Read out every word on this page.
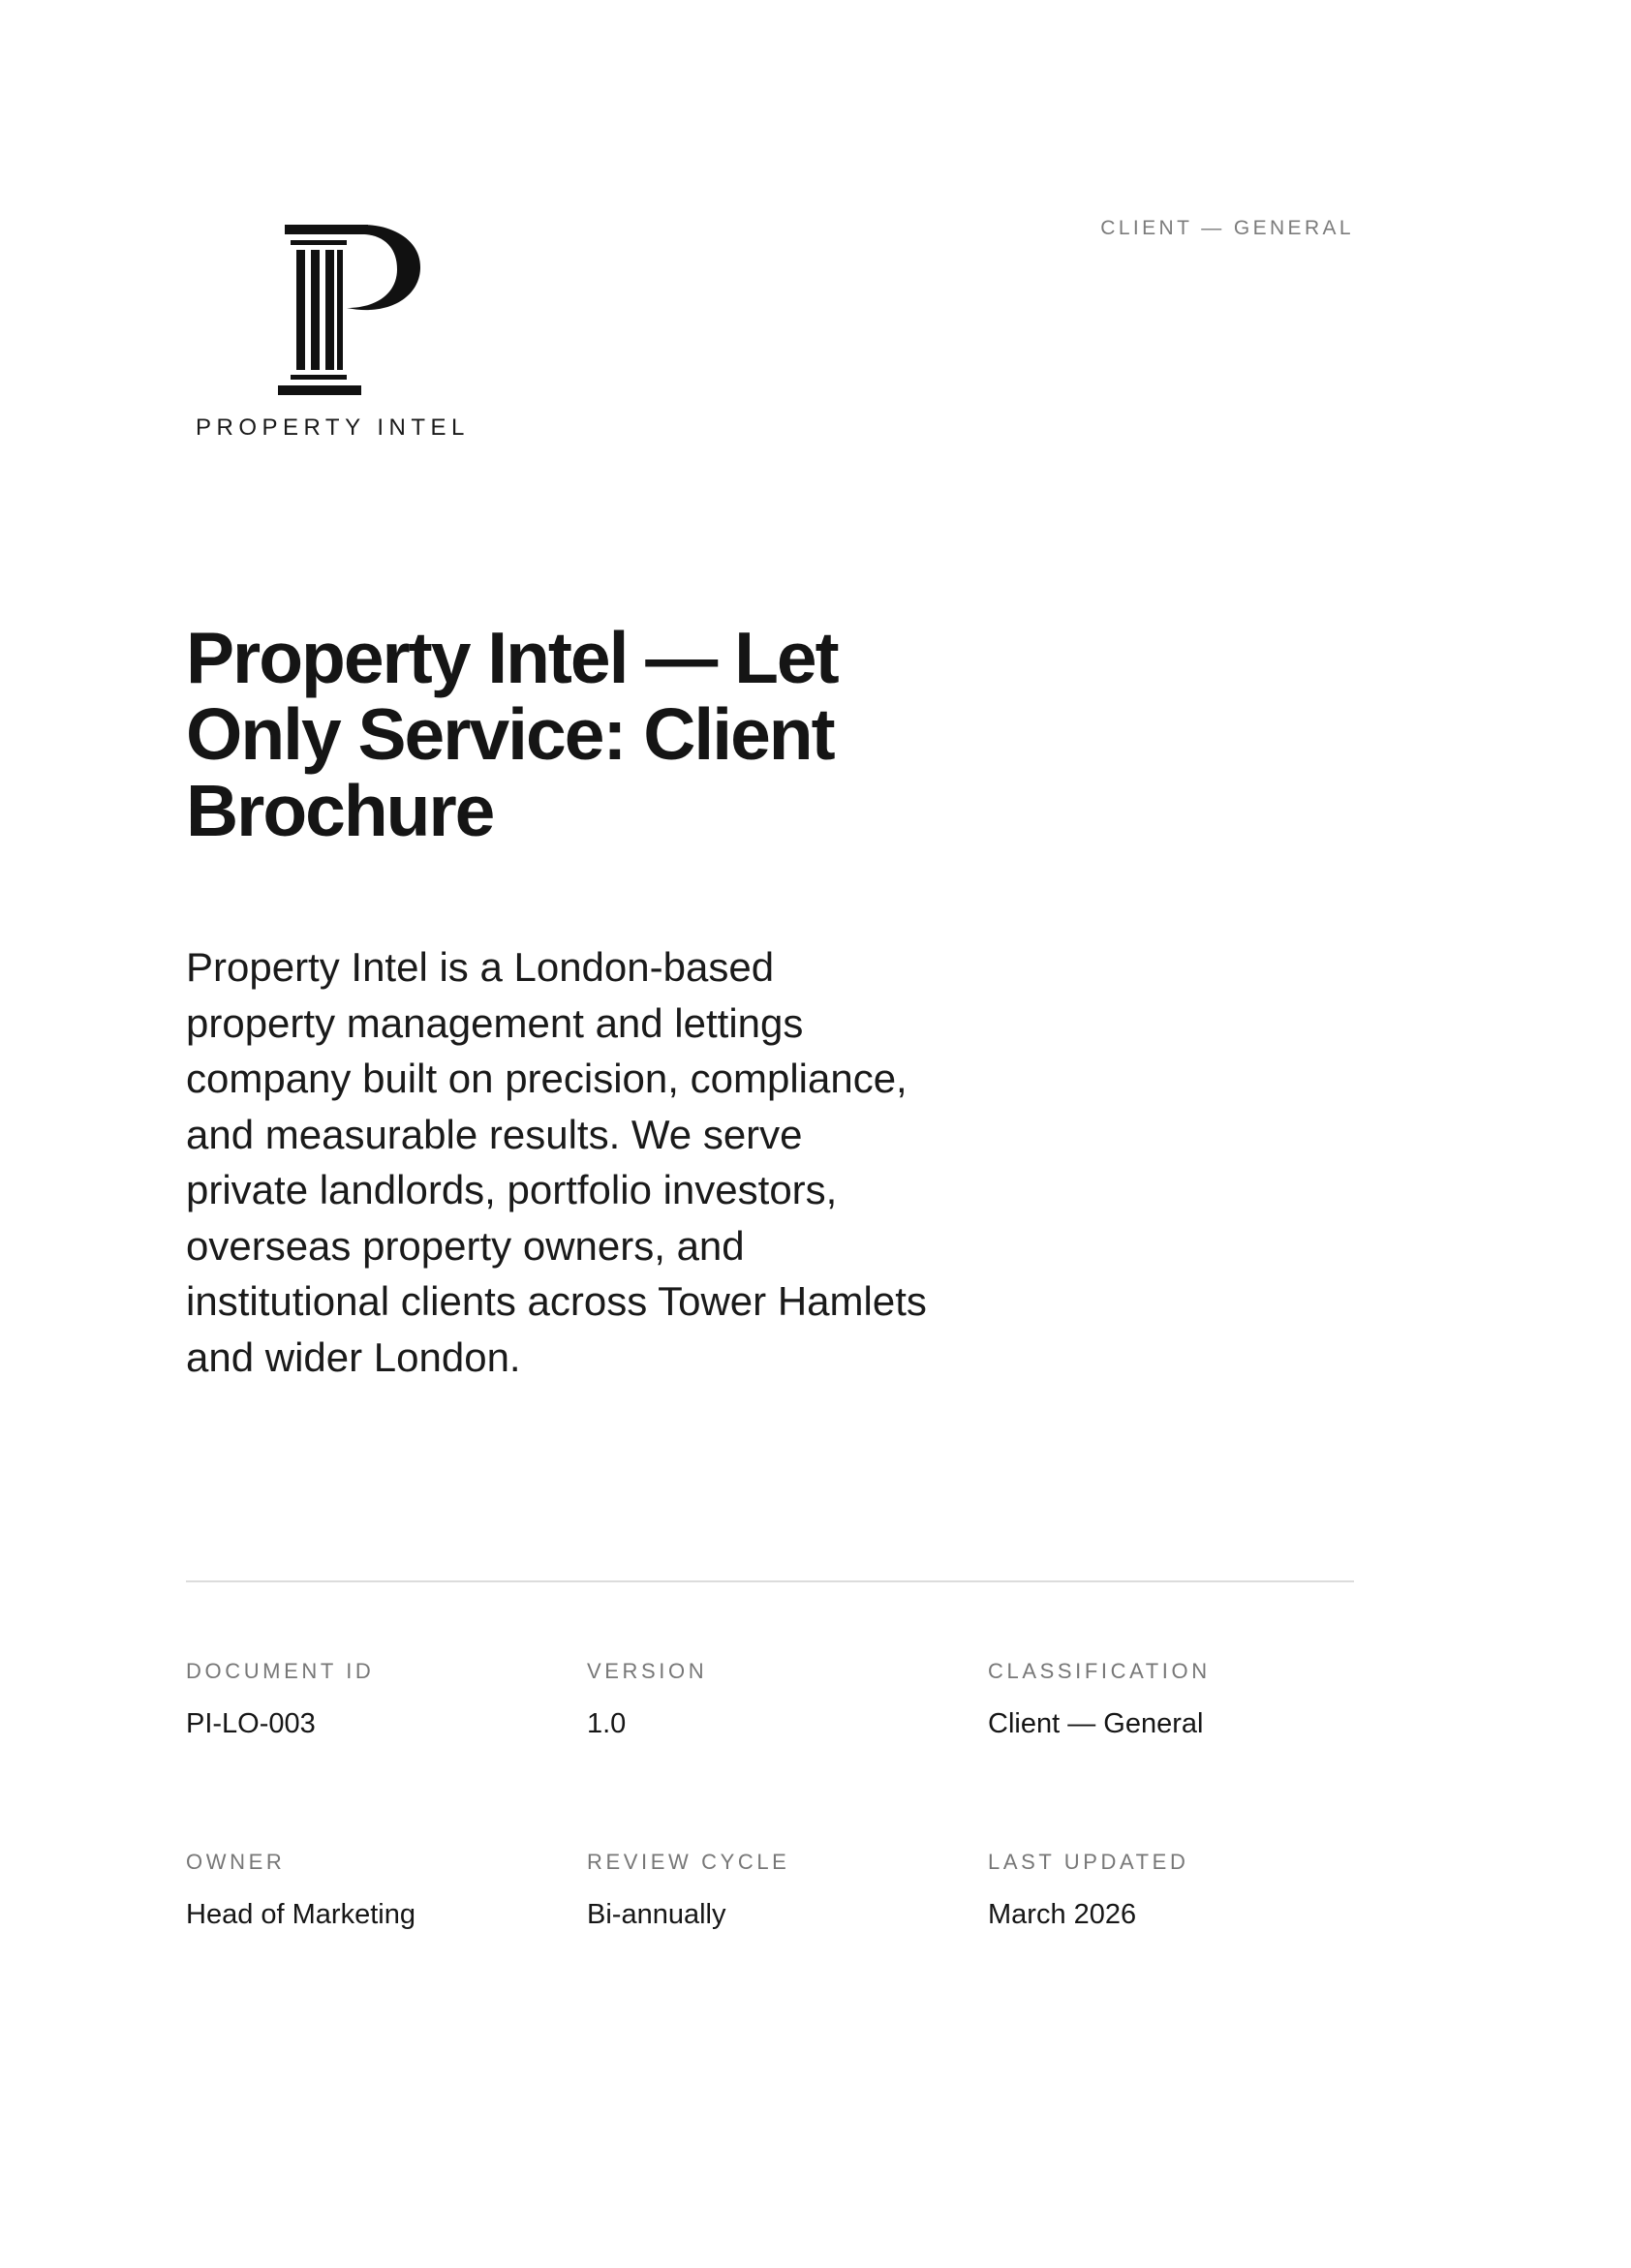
PROPERTY INTEL
CLIENT — GENERAL
Property Intel — Let Only Service: Client Brochure

Property Intel is a London-based property management and lettings company built on precision, compliance, and measurable results. We serve private landlords, portfolio investors, overseas property owners, and institutional clients across Tower Hamlets and wider London.

DOCUMENT ID
PI-LO-003
VERSION
1.0
CLASSIFICATION
Client — General
OWNER
Head of Marketing
REVIEW CYCLE
Bi-annually
LAST UPDATED
March 2026
